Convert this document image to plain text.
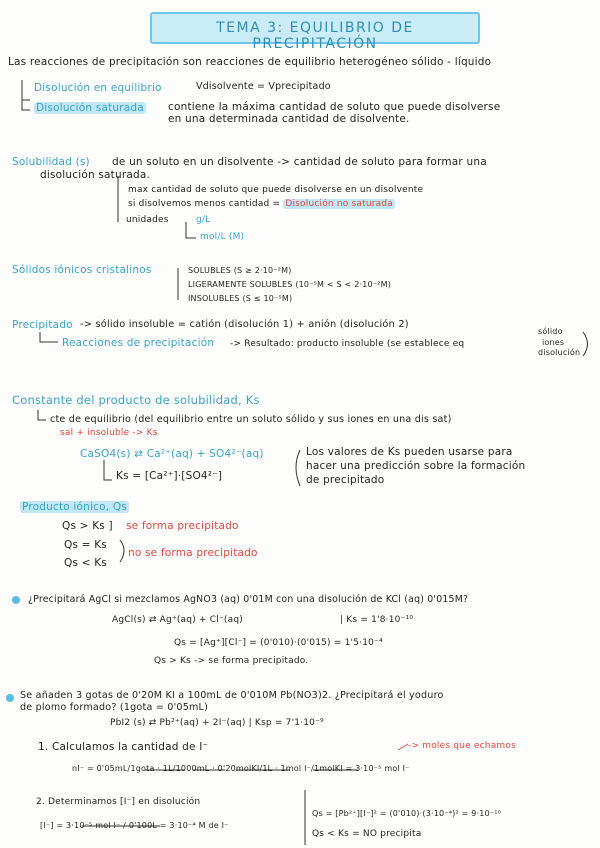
TEMA 3: EQUILIBRIO DE PRECIPITACIÓN
Las reacciones de precipitación son reacciones de equilibrio heterogéneo sólido - líquido
Disolución en equilibrio	Vdisolvente = Vprecipitado
Disolución saturada contiene la máxima cantidad de soluto que puede disolverse
en una determinada cantidad de disolvente.
Solubilidad (s) de un soluto en un disolvente -> cantidad de soluto para formar una
disolución saturada.
max cantidad de soluto que puede disolverse en un disolvente
si disolvemos menos cantidad = Disolución no saturada
unidades	g/L
mol/L (M)
Sólidos iónicos cristalinos	SOLUBLES (S ≥ 2·10⁻²M)
LIGERAMENTE SOLUBLES (10⁻⁵M < S < 2·10⁻²M)
INSOLUBLES (S ≤ 10⁻⁵M)
Precipitado -> sólido insoluble = catión (disolución 1) + anión (disolución 2)
Reacciones de precipitación -> Resultado: producto insoluble (se establece eq
sólido
iones
disolución
Constante del producto de solubilidad, Ks
cte de equilibrio (del equilibrio entre un soluto sólido y sus iones en una dis sat)
sal + insoluble -> Ks
CaSO4(s) ⇄ Ca²⁺(aq) + SO4²⁻(aq)
Ks = [Ca²⁺]·[SO4²⁻]
Los valores de Ks pueden usarse para
hacer una predicción sobre la formación
de precipitado
Producto iónico, Qs
Qs > Ks ] se forma precipitado
Qs = Ks
Qs < Ks
no se forma precipitado
¿Precipitará AgCl si mezclamos AgNO3 (aq) 0'01M con una disolución de KCl (aq) 0'015M?
AgCl(s) ⇄ Ag⁺(aq) + Cl⁻(aq)	| Ks = 1'8·10⁻¹⁰
Qs = [Ag⁺][Cl⁻] = (0'010)·(0'015) = 1'5·10⁻⁴
Qs > Ks -> se forma precipitado.
Se añaden 3 gotas de 0'20M KI a 100mL de 0'010M Pb(NO3)2. ¿Precipitará el yoduro
de plomo formado? (1gota = 0'05mL)
PbI2 (s) ⇄ Pb²⁺(aq) + 2I⁻(aq) | Ksp = 7'1·10⁻⁹
1. Calculamos la cantidad de I⁻	-> moles que echamos
nI⁻ = 0'05mL/1gota · 1L/1000mL · 0'20molKI/1L · 1mol I⁻/1molKI = 3·10⁻⁵ mol I⁻
2. Determinamos [I⁻] en disolución
[I⁻] = 3·10⁻⁵ mol I⁻ / 0'100L = 3·10⁻⁴ M de I⁻
Qs = [Pb²⁺][I⁻]² = (0'010)·(3·10⁻⁴)² = 9·10⁻¹⁰
Qs < Ks = NO precipita
